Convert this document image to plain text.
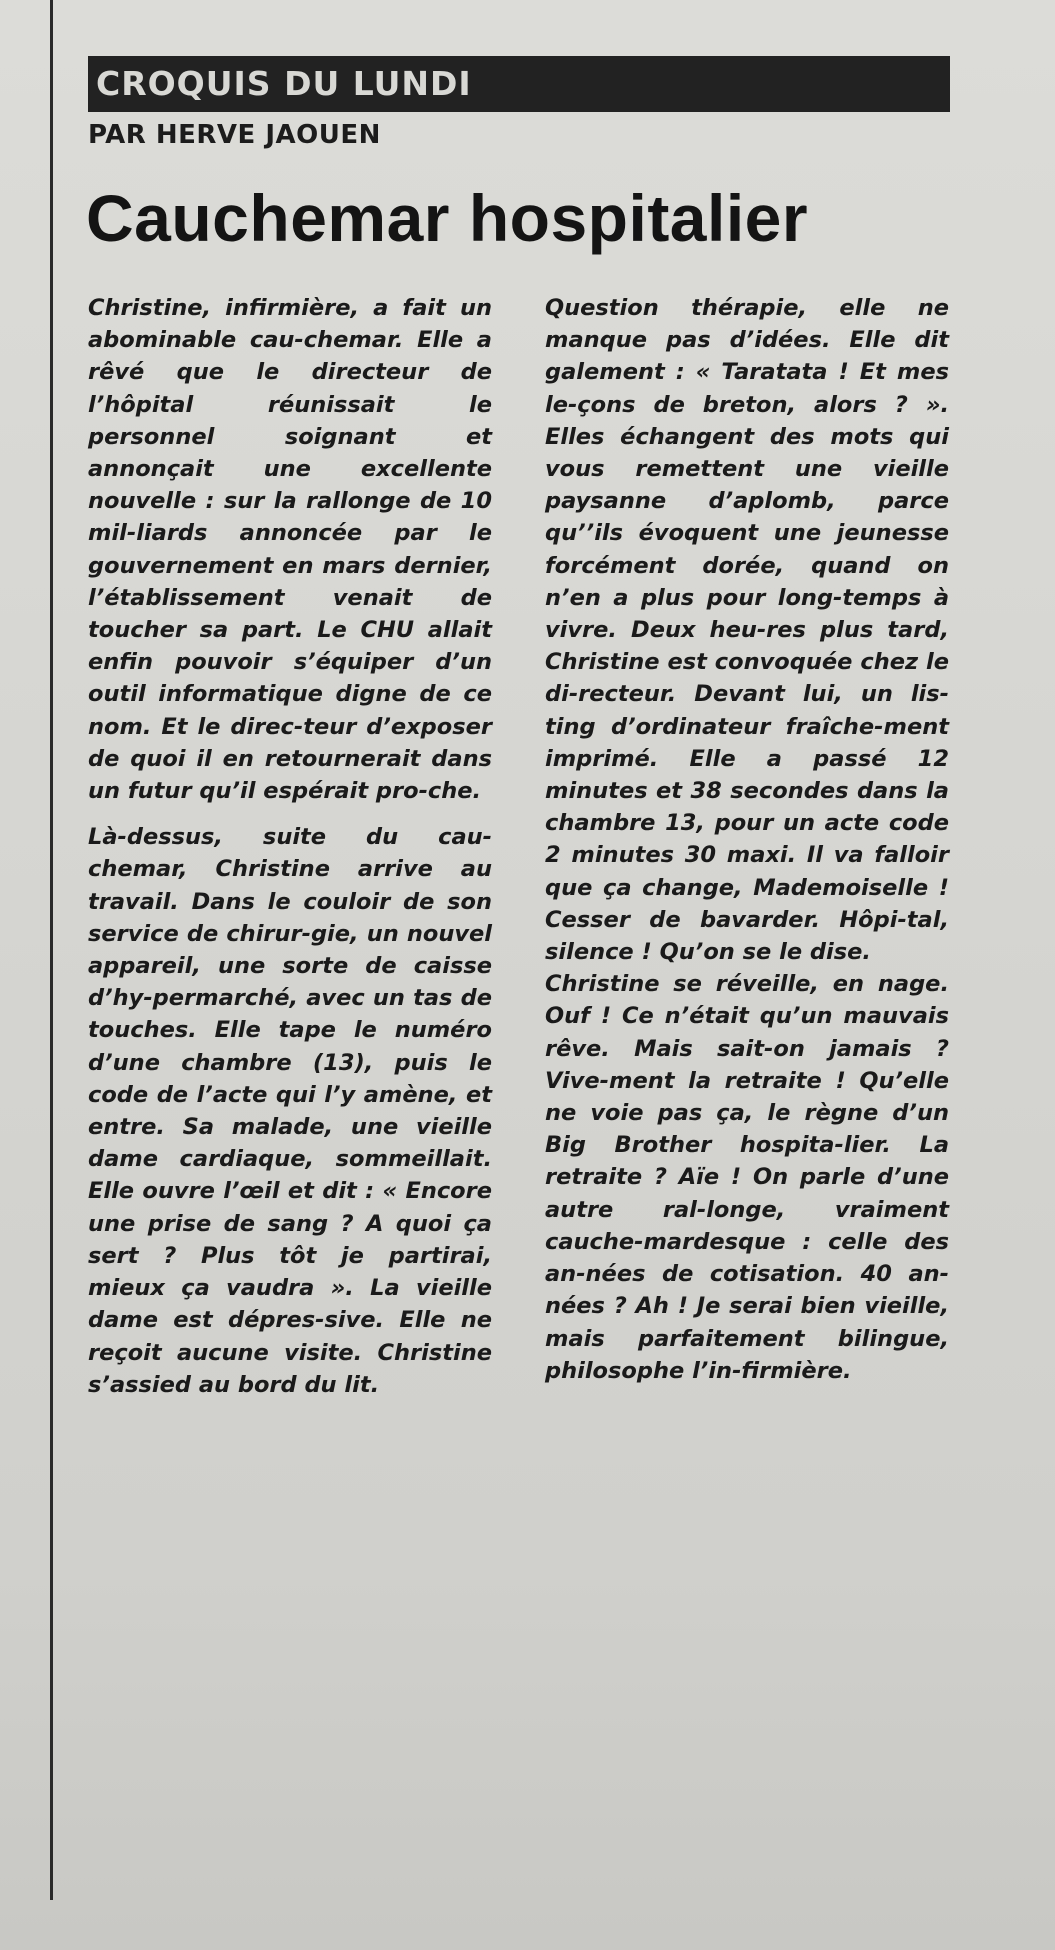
CROQUIS DU LUNDI
PAR HERVE JAOUEN
Cauchemar hospitalier

Christine, infirmière, a fait un abominable cau-chemar. Elle a rêvé que le directeur de l’hôpital réunissait le personnel soignant et annonçait une excellente nouvelle : sur la rallonge de 10 mil-liards annoncée par le gouvernement en mars dernier, l’établissement venait de toucher sa part. Le CHU allait enfin pouvoir s’équiper d’un outil informatique digne de ce nom. Et le direc-teur d’exposer de quoi il en retournerait dans un futur qu’il espérait pro-che.

Là-dessus, suite du cau-chemar, Christine arrive au travail. Dans le couloir de son service de chirur-gie, un nouvel appareil, une sorte de caisse d’hy-permarché, avec un tas de touches. Elle tape le numéro d’une chambre (13), puis le code de l’acte qui l’y amène, et entre. Sa malade, une vieille dame cardiaque, sommeillait. Elle ouvre l’œil et dit : « Encore une prise de sang ? A quoi ça sert ? Plus tôt je partirai, mieux ça vaudra ». La vieille dame est dépres-sive. Elle ne reçoit aucune visite. Christine s’assied au bord du lit.

Question thérapie, elle ne manque pas d’idées. Elle dit galement : « Taratata ! Et mes le-çons de breton, alors ? ». Elles échangent des mots qui vous remettent une vieille paysanne d’aplomb, parce qu’’ils évoquent une jeunesse forcément dorée, quand on n’en a plus pour long-temps à vivre. Deux heu-res plus tard, Christine est convoquée chez le di-recteur. Devant lui, un lis-ting d’ordinateur fraîche-ment imprimé. Elle a passé 12 minutes et 38 secondes dans la chambre 13, pour un acte code 2 minutes 30 maxi. Il va falloir que ça change, Mademoiselle ! Cesser de bavarder. Hôpi-tal, silence ! Qu’on se le dise.

Christine se réveille, en nage. Ouf ! Ce n’était qu’un mauvais rêve. Mais sait-on jamais ? Vive-ment la retraite ! Qu’elle ne voie pas ça, le règne d’un Big Brother hospita-lier. La retraite ? Aïe ! On parle d’une autre ral-longe, vraiment cauche-mardesque : celle des an-nées de cotisation. 40 an-nées ? Ah ! Je serai bien vieille, mais parfaitement bilingue, philosophe l’in-firmière.
